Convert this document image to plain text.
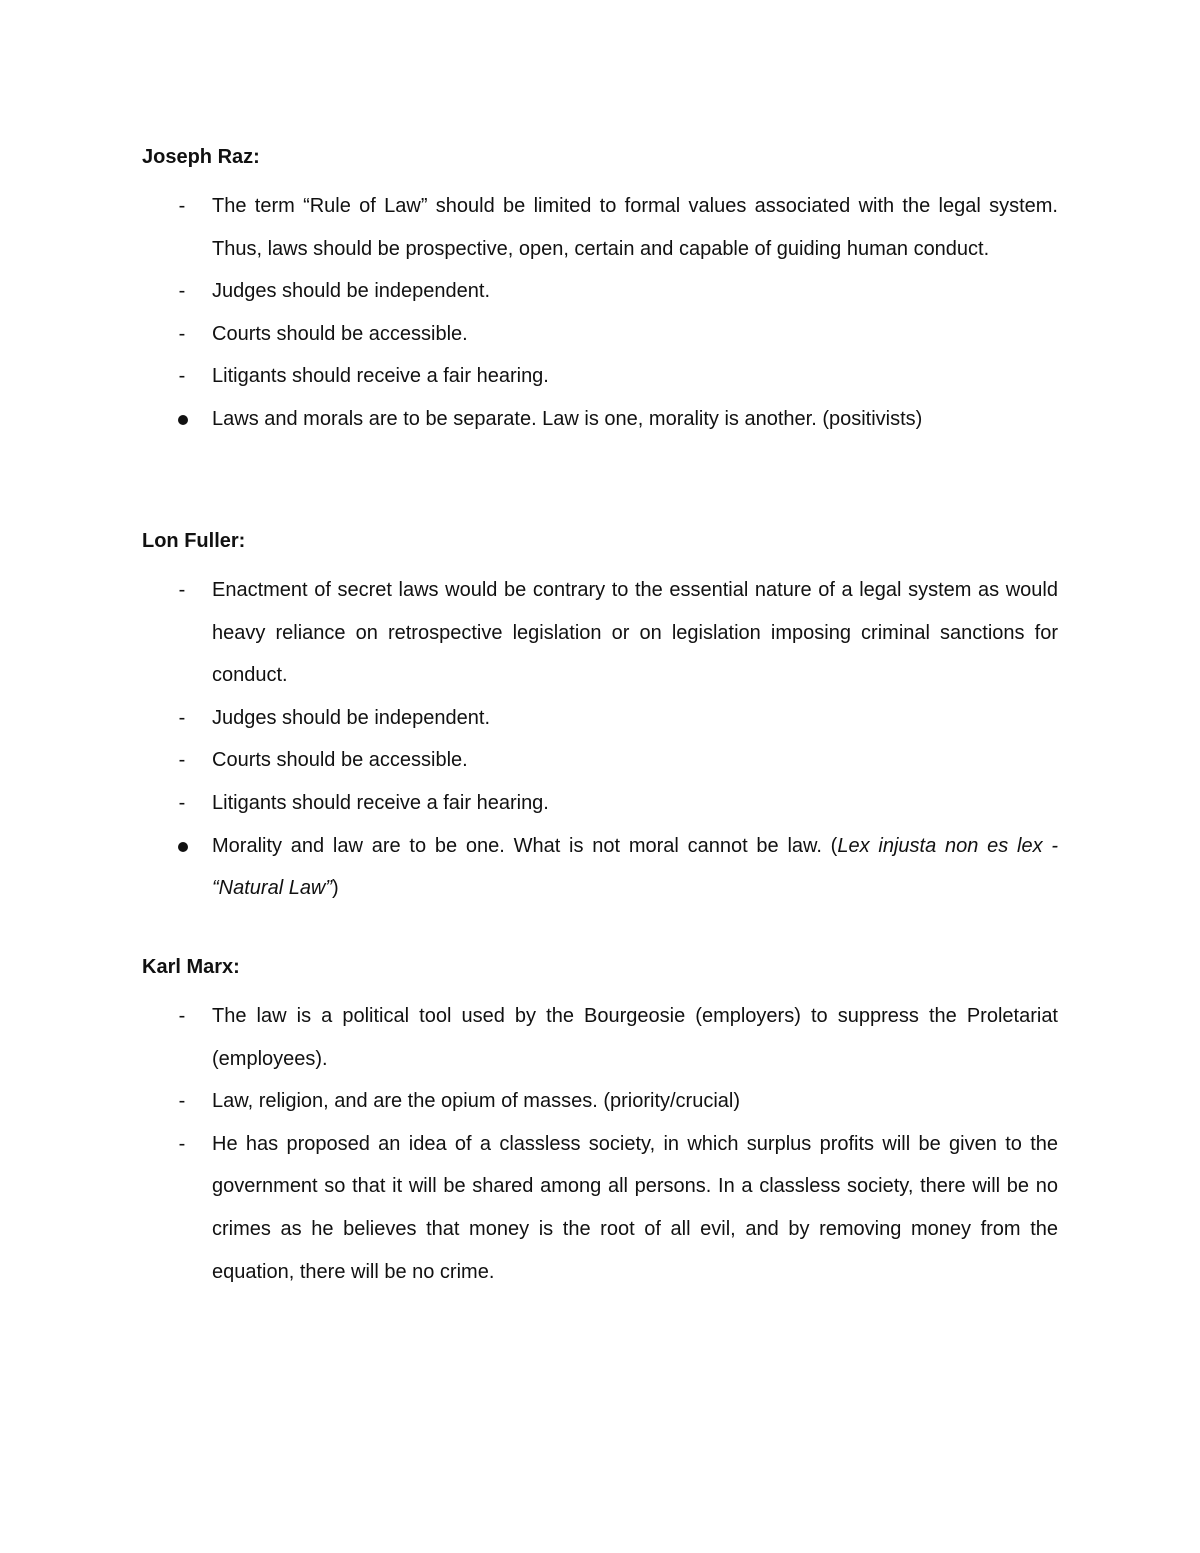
Joseph Raz:
-	The term “Rule of Law” should be limited to formal values associated with the legal system. Thus, laws should be prospective, open, certain and capable of guiding human conduct.
-	Judges should be independent.
-	Courts should be accessible.
-	Litigants should receive a fair hearing.
Laws and morals are to be separate. Law is one, morality is another. (positivists)
Lon Fuller:
-	Enactment of secret laws would be contrary to the essential nature of a legal system as would heavy reliance on retrospective legislation or on legislation imposing criminal sanctions for conduct.
-	Judges should be independent.
-	Courts should be accessible.
-	Litigants should receive a fair hearing.
Morality and law are to be one. What is not moral cannot be law. (Lex injusta non es lex - “Natural Law”)
Karl Marx:
-	The law is a political tool used by the Bourgeosie (employers) to suppress the Proletariat (employees).
-	Law, religion, and are the opium of masses. (priority/crucial)
-	He has proposed an idea of a classless society, in which surplus profits will be given to the government so that it will be shared among all persons. In a classless society, there will be no crimes as he believes that money is the root of all evil, and by removing money from the equation, there will be no crime.
